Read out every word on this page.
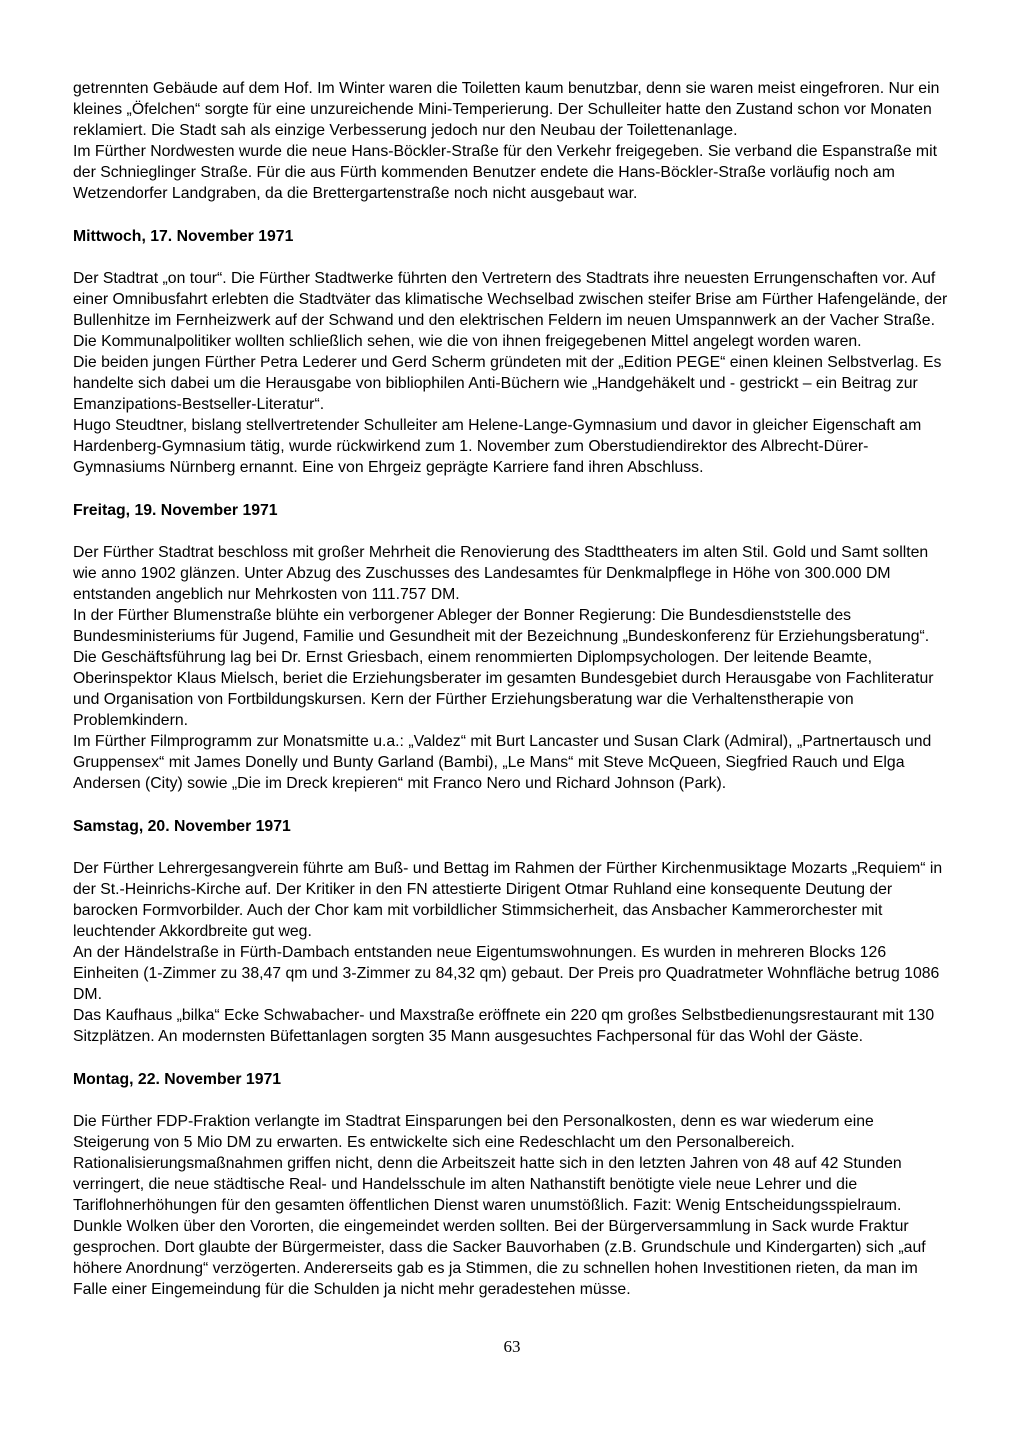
getrennten Gebäude auf dem Hof. Im Winter waren die Toiletten kaum benutzbar, denn sie waren meist eingefroren. Nur ein kleines „Öfelchen“ sorgte für eine unzureichende Mini-Temperierung. Der Schulleiter hatte den Zustand schon vor Monaten reklamiert. Die Stadt sah als einzige Verbesserung jedoch nur den Neubau der Toilettenanlage.
Im Fürther Nordwesten wurde die neue Hans-Böckler-Straße für den Verkehr freigegeben. Sie verband die Espanstraße mit der Schnieglinger Straße. Für die aus Fürth kommenden Benutzer endete die Hans-Böckler-Straße vorläufig noch am Wetzendorfer Landgraben, da die Brettergartenstraße noch nicht ausgebaut war.
Mittwoch, 17. November 1971
Der Stadtrat „on tour“. Die Fürther Stadtwerke führten den Vertretern des Stadtrats ihre neuesten Errungenschaften vor. Auf einer Omnibusfahrt erlebten die Stadtväter das klimatische Wechselbad zwischen steifer Brise am Fürther Hafengelände, der Bullenhitze im Fernheizwerk auf der Schwand und den elektrischen Feldern im neuen Umspannwerk an der Vacher Straße. Die Kommunalpolitiker wollten schließlich sehen, wie die von ihnen freigegebenen Mittel angelegt worden waren.
Die beiden jungen Fürther Petra Lederer und Gerd Scherm gründeten mit der „Edition PEGE“ einen kleinen Selbstverlag. Es handelte sich dabei um die Herausgabe von bibliophilen Anti-Büchern wie „Handgehäkelt und - gestrickt – ein Beitrag zur Emanzipations-Bestseller-Literatur“.
Hugo Steudtner, bislang stellvertretender Schulleiter am Helene-Lange-Gymnasium und davor in gleicher Eigenschaft am Hardenberg-Gymnasium tätig, wurde rückwirkend zum 1. November zum Oberstudiendirektor des Albrecht-Dürer-Gymnasiums Nürnberg ernannt. Eine von Ehrgeiz geprägte Karriere fand ihren Abschluss.
Freitag, 19. November 1971
Der Fürther Stadtrat beschloss mit großer Mehrheit die Renovierung des Stadttheaters im alten Stil. Gold und Samt sollten wie anno 1902 glänzen. Unter Abzug des Zuschusses des Landesamtes für Denkmalpflege in Höhe von 300.000 DM entstanden angeblich nur Mehrkosten von 111.757 DM.
In der Fürther Blumenstraße blühte ein verborgener Ableger der Bonner Regierung: Die Bundesdienststelle des Bundesministeriums für Jugend, Familie und Gesundheit mit der Bezeichnung „Bundeskonferenz für Erziehungsberatung“. Die Geschäftsführung lag bei Dr. Ernst Griesbach, einem renommierten Diplompsychologen. Der leitende Beamte, Oberinspektor Klaus Mielsch, beriet die Erziehungsberater im gesamten Bundesgebiet durch Herausgabe von Fachliteratur und Organisation von Fortbildungskursen. Kern der Fürther Erziehungsberatung war die Verhaltenstherapie von Problemkindern.
Im Fürther Filmprogramm zur Monatsmitte u.a.: „Valdez“ mit Burt Lancaster und Susan Clark (Admiral), „Partnertausch und Gruppensex“ mit James Donelly und Bunty Garland (Bambi), „Le Mans“ mit Steve McQueen, Siegfried Rauch und Elga Andersen (City) sowie „Die im Dreck krepieren“ mit Franco Nero und Richard Johnson (Park).
Samstag, 20. November 1971
Der Fürther Lehrergesangverein führte am Buß- und Bettag im Rahmen der Fürther Kirchenmusiktage Mozarts „Requiem“ in der St.-Heinrichs-Kirche auf. Der Kritiker in den FN attestierte Dirigent Otmar Ruhland eine konsequente Deutung der barocken Formvorbilder. Auch der Chor kam mit vorbildlicher Stimmsicherheit, das Ansbacher Kammerorchester mit leuchtender Akkordbreite gut weg.
An der Händelstraße in Fürth-Dambach entstanden neue Eigentumswohnungen. Es wurden in mehreren Blocks 126 Einheiten (1-Zimmer zu 38,47 qm und 3-Zimmer zu 84,32 qm) gebaut. Der Preis pro Quadratmeter Wohnfläche betrug 1086 DM.
Das Kaufhaus „bilka“ Ecke Schwabacher- und Maxstraße eröffnete ein 220 qm großes Selbstbedienungsrestaurant mit 130 Sitzplätzen. An modernsten Büfettanlagen sorgten 35 Mann ausgesuchtes Fachpersonal für das Wohl der Gäste.
Montag, 22. November 1971
Die Fürther FDP-Fraktion verlangte im Stadtrat Einsparungen bei den Personalkosten, denn es war wiederum eine Steigerung von 5 Mio DM zu erwarten. Es entwickelte sich eine Redeschlacht um den Personalbereich. Rationalisierungsmaßnahmen griffen nicht, denn die Arbeitszeit hatte sich in den letzten Jahren von 48 auf 42 Stunden verringert, die neue städtische Real- und Handelsschule im alten Nathanstift benötigte viele neue Lehrer und die Tariflohnerhöhungen für den gesamten öffentlichen Dienst waren unumstößlich. Fazit: Wenig Entscheidungsspielraum.
Dunkle Wolken über den Vororten, die eingemeindet werden sollten. Bei der Bürgerversammlung in Sack wurde Fraktur gesprochen. Dort glaubte der Bürgermeister, dass die Sacker Bauvorhaben (z.B. Grundschule und Kindergarten) sich „auf höhere Anordnung“ verzögerten. Andererseits gab es ja Stimmen, die zu schnellen hohen Investitionen rieten, da man im Falle einer Eingemeindung für die Schulden ja nicht mehr geradestehen müsse.
63
